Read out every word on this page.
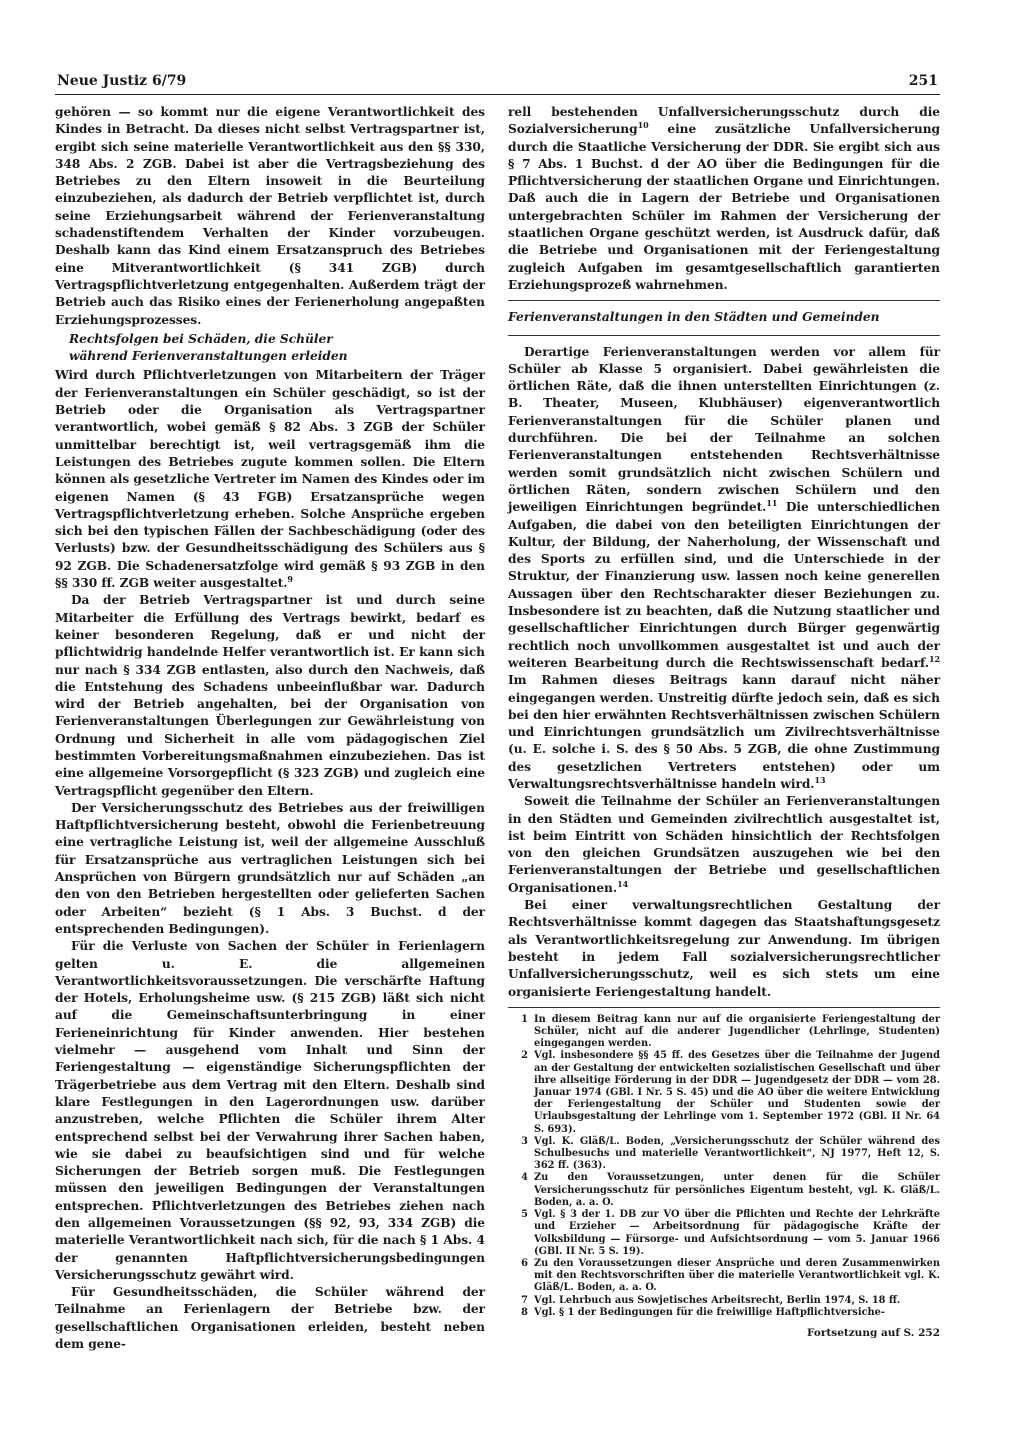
Neue Justiz 6/79	251

gehören — so kommt nur die eigene Verantwortlichkeit des Kindes in Betracht. Da dieses nicht selbst Vertragspartner ist, ergibt sich seine materielle Verantwortlichkeit aus den §§ 330, 348 Abs. 2 ZGB. Dabei ist aber die Vertragsbeziehung des Betriebes zu den Eltern insoweit in die Beurteilung einzubeziehen, als dadurch der Betrieb verpflichtet ist, durch seine Erziehungsarbeit während der Ferienveranstaltung schadenstiftendem Verhalten der Kinder vorzubeugen. Deshalb kann das Kind einem Ersatzanspruch des Betriebes eine Mitverantwortlichkeit (§ 341 ZGB) durch Vertragspflichtverletzung entgegenhalten. Außerdem trägt der Betrieb auch das Risiko eines der Ferienerholung angepaßten Erziehungsprozesses.

Rechtsfolgen bei Schäden, die Schüler
während Ferienveranstaltungen erleiden

Wird durch Pflichtverletzungen von Mitarbeitern der Träger der Ferienveranstaltungen ein Schüler geschädigt, so ist der Betrieb oder die Organisation als Vertragspartner verantwortlich, wobei gemäß § 82 Abs. 3 ZGB der Schüler unmittelbar berechtigt ist, weil vertragsgemäß ihm die Leistungen des Betriebes zugute kommen sollen. Die Eltern können als gesetzliche Vertreter im Namen des Kindes oder im eigenen Namen (§ 43 FGB) Ersatzansprüche wegen Vertragspflichtverletzung erheben. Solche Ansprüche ergeben sich bei den typischen Fällen der Sachbeschädigung (oder des Verlusts) bzw. der Gesundheitsschädigung des Schülers aus § 92 ZGB. Die Schadenersatzfolge wird gemäß § 93 ZGB in den §§ 330 ff. ZGB weiter ausgestaltet.$^9$

Da der Betrieb Vertragspartner ist und durch seine Mitarbeiter die Erfüllung des Vertrags bewirkt, bedarf es keiner besonderen Regelung, daß er und nicht der pflichtwidrig handelnde Helfer verantwortlich ist. Er kann sich nur nach § 334 ZGB entlasten, also durch den Nachweis, daß die Entstehung des Schadens unbeeinflußbar war. Dadurch wird der Betrieb angehalten, bei der Organisation von Ferienveranstaltungen Überlegungen zur Gewährleistung von Ordnung und Sicherheit in alle vom pädagogischen Ziel bestimmten Vorbereitungsmaßnahmen einzubeziehen. Das ist eine allgemeine Vorsorgepflicht (§ 323 ZGB) und zugleich eine Vertragspflicht gegenüber den Eltern.

Der Versicherungsschutz des Betriebes aus der freiwilligen Haftpflichtversicherung besteht, obwohl die Ferienbetreuung eine vertragliche Leistung ist, weil der allgemeine Ausschluß für Ersatzansprüche aus vertraglichen Leistungen sich bei Ansprüchen von Bürgern grundsätzlich nur auf Schäden „an den von den Betrieben hergestellten oder gelieferten Sachen oder Arbeiten“ bezieht (§ 1 Abs. 3 Buchst. d der entsprechenden Bedingungen).

Für die Verluste von Sachen der Schüler in Ferienlagern gelten u. E. die allgemeinen Verantwortlichkeitsvoraussetzungen. Die verschärfte Haftung der Hotels, Erholungsheime usw. (§ 215 ZGB) läßt sich nicht auf die Gemeinschaftsunterbringung in einer Ferieneinrichtung für Kinder anwenden. Hier bestehen vielmehr — ausgehend vom Inhalt und Sinn der Feriengestaltung — eigenständige Sicherungspflichten der Trägerbetriebe aus dem Vertrag mit den Eltern. Deshalb sind klare Festlegungen in den Lagerordnungen usw. darüber anzustreben, welche Pflichten die Schüler ihrem Alter entsprechend selbst bei der Verwahrung ihrer Sachen haben, wie sie dabei zu beaufsichtigen sind und für welche Sicherungen der Betrieb sorgen muß. Die Festlegungen müssen den jeweiligen Bedingungen der Veranstaltungen entsprechen. Pflichtverletzungen des Betriebes ziehen nach den allgemeinen Voraussetzungen (§§ 92, 93, 334 ZGB) die materielle Verantwortlichkeit nach sich, für die nach § 1 Abs. 4 der genannten Haftpflichtversicherungsbedingungen Versicherungsschutz gewährt wird.

Für Gesundheitsschäden, die Schüler während der Teilnahme an Ferienlagern der Betriebe bzw. der gesellschaftlichen Organisationen erleiden, besteht neben dem gene-

rell bestehenden Unfallversicherungsschutz durch die Sozialversicherung$^{10}$ eine zusätzliche Unfallversicherung durch die Staatliche Versicherung der DDR. Sie ergibt sich aus § 7 Abs. 1 Buchst. d der AO über die Bedingungen für die Pflichtversicherung der staatlichen Organe und Einrichtungen. Daß auch die in Lagern der Betriebe und Organisationen untergebrachten Schüler im Rahmen der Versicherung der staatlichen Organe geschützt werden, ist Ausdruck dafür, daß die Betriebe und Organisationen mit der Feriengestaltung zugleich Aufgaben im gesamtgesellschaftlich garantierten Erziehungsprozeß wahrnehmen.

Ferienveranstaltungen in den Städten und Gemeinden

Derartige Ferienveranstaltungen werden vor allem für Schüler ab Klasse 5 organisiert. Dabei gewährleisten die örtlichen Räte, daß die ihnen unterstellten Einrichtungen (z. B. Theater, Museen, Klubhäuser) eigenverantwortlich Ferienveranstaltungen für die Schüler planen und durchführen. Die bei der Teilnahme an solchen Ferienveranstaltungen entstehenden Rechtsverhältnisse werden somit grundsätzlich nicht zwischen Schülern und örtlichen Räten, sondern zwischen Schülern und den jeweiligen Einrichtungen begründet.$^{11}$ Die unterschiedlichen Aufgaben, die dabei von den beteiligten Einrichtungen der Kultur, der Bildung, der Naherholung, der Wissenschaft und des Sports zu erfüllen sind, und die Unterschiede in der Struktur, der Finanzierung usw. lassen noch keine generellen Aussagen über den Rechtscharakter dieser Beziehungen zu. Insbesondere ist zu beachten, daß die Nutzung staatlicher und gesellschaftlicher Einrichtungen durch Bürger gegenwärtig rechtlich noch unvollkommen ausgestaltet ist und auch der weiteren Bearbeitung durch die Rechtswissenschaft bedarf.$^{12}$ Im Rahmen dieses Beitrags kann darauf nicht näher eingegangen werden. Unstreitig dürfte jedoch sein, daß es sich bei den hier erwähnten Rechtsverhältnissen zwischen Schülern und Einrichtungen grundsätzlich um Zivilrechtsverhältnisse (u. E. solche i. S. des § 50 Abs. 5 ZGB, die ohne Zustimmung des gesetzlichen Vertreters entstehen) oder um Verwaltungsrechtsverhältnisse handeln wird.$^{13}$

Soweit die Teilnahme der Schüler an Ferienveranstaltungen in den Städten und Gemeinden zivilrechtlich ausgestaltet ist, ist beim Eintritt von Schäden hinsichtlich der Rechtsfolgen von den gleichen Grundsätzen auszugehen wie bei den Ferienveranstaltungen der Betriebe und gesellschaftlichen Organisationen.$^{14}$

Bei einer verwaltungsrechtlichen Gestaltung der Rechtsverhältnisse kommt dagegen das Staatshaftungsgesetz als Verantwortlichkeitsregelung zur Anwendung. Im übrigen besteht in jedem Fall sozialversicherungsrechtlicher Unfallversicherungsschutz, weil es sich stets um eine organisierte Feriengestaltung handelt.

1 In diesem Beitrag kann nur auf die organisierte Feriengestaltung der Schüler, nicht auf die anderer Jugendlicher (Lehrlinge, Studenten) eingegangen werden.
2 Vgl. insbesondere §§ 45 ff. des Gesetzes über die Teilnahme der Jugend an der Gestaltung der entwickelten sozialistischen Gesellschaft und über ihre allseitige Förderung in der DDR — Jugendgesetz der DDR — vom 28. Januar 1974 (GBl. I Nr. 5 S. 45) und die AO über die weitere Entwicklung der Feriengestaltung der Schüler und Studenten sowie der Urlaubsgestaltung der Lehrlinge vom 1. September 1972 (GBl. II Nr. 64 S. 693).
3 Vgl. K. Gläß/L. Boden, „Versicherungsschutz der Schüler während des Schulbesuchs und materielle Verantwortlichkeit“, NJ 1977, Heft 12, S. 362 ff. (363).
4 Zu den Voraussetzungen, unter denen für die Schüler Versicherungsschutz für persönliches Eigentum besteht, vgl. K. Gläß/L. Boden, a. a. O.
5 Vgl. § 3 der 1. DB zur VO über die Pflichten und Rechte der Lehrkräfte und Erzieher — Arbeitsordnung für pädagogische Kräfte der Volksbildung — Fürsorge- und Aufsichtsordnung — vom 5. Januar 1966 (GBl. II Nr. 5 S. 19).
6 Zu den Voraussetzungen dieser Ansprüche und deren Zusammenwirken mit den Rechtsvorschriften über die materielle Verantwortlichkeit vgl. K. Gläß/L. Boden, a. a. O.
7 Vgl. Lehrbuch aus Sowjetisches Arbeitsrecht, Berlin 1974, S. 18 ff.
8 Vgl. § 1 der Bedingungen für die freiwillige Haftpflichtversiche-
Fortsetzung auf S. 252
